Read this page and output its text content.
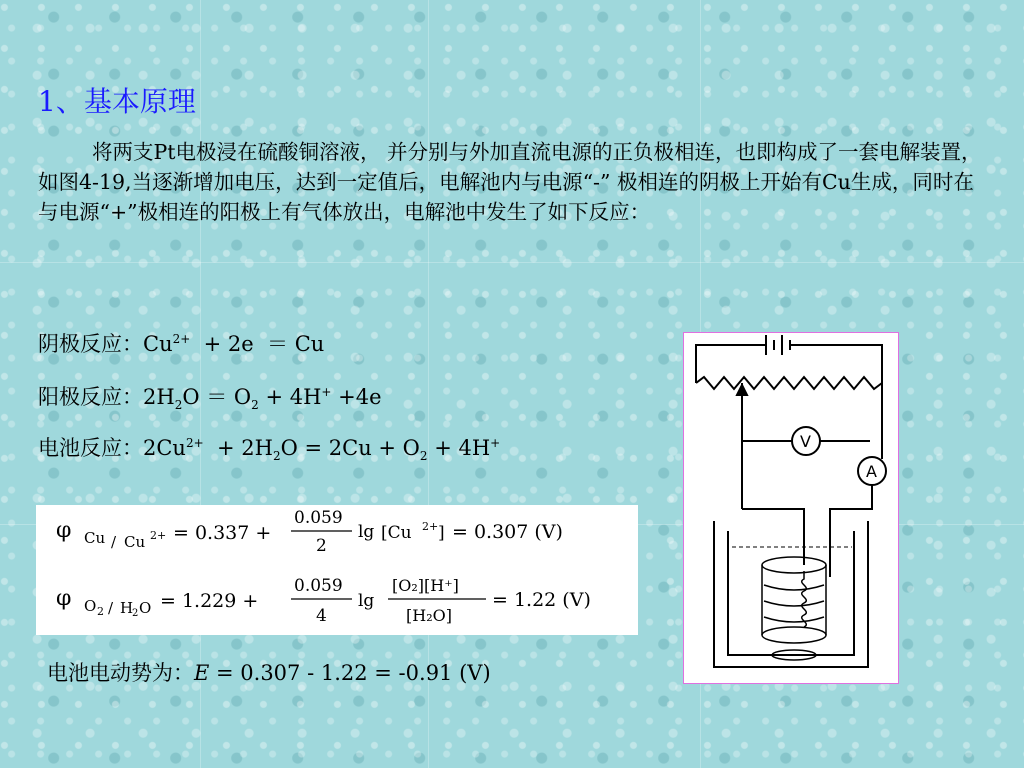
1、基本原理
将两支Pt电极浸在硫酸铜溶液， 并分别与外加直流电源的正负极相连，也即构成了一套电解装置，如图4-19,当逐渐增加电压，达到一定值后，电解池内与电源“-” 极相连的阴极上开始有Cu生成，同时在与电源“+”极相连的阳极上有气体放出，电解池中发生了如下反应：
阴极反应：$Cu^{2+} + 2e = Cu$
阳极反应：$2H_2O = O_2 + 4H^+ +4e$
电池反应：$2Cu^{2+} + 2H_2O = 2Cu + O_2 + 4H^+$
φ Cu / Cu 2+ = 0.337 +
0.059
2
lg [Cu 2+ ] = 0.307 (V)
φ O 2 / H
2 O = 1.229 +
0.059
4
lg
[O₂][H⁺]
[H₂O]
= 1.22 (V)
电池电动势为：E = 0.307 - 1.22 = -0.91 (V)
V
A
